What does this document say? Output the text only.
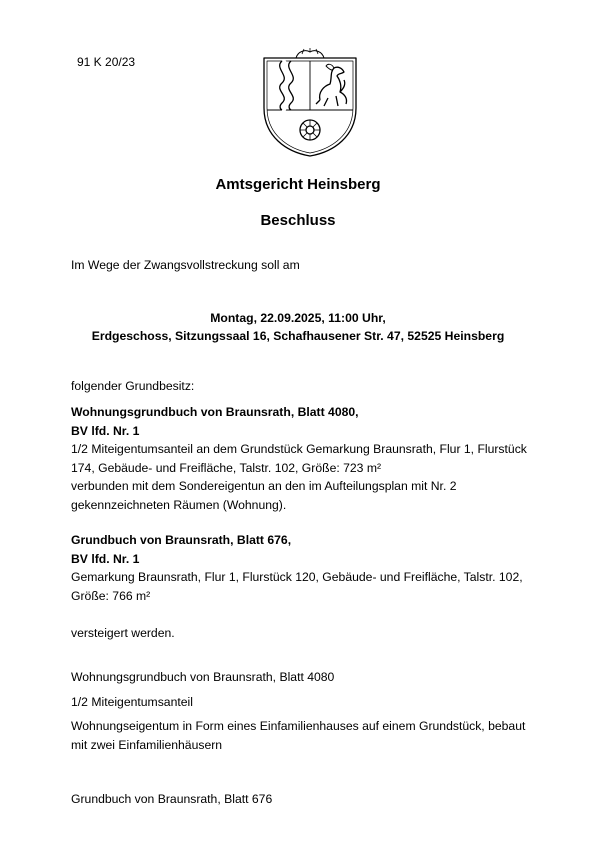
91 K 20/23
Amtsgericht Heinsberg
Beschluss
Im Wege der Zwangsvollstreckung soll am
Montag, 22.09.2025, 11:00 Uhr,
Erdgeschoss, Sitzungssaal 16, Schafhausener Str. 47, 52525 Heinsberg
folgender Grundbesitz:
Wohnungsgrundbuch von Braunsrath, Blatt 4080,
BV lfd. Nr. 1
1/2 Miteigentumsanteil an dem Grundstück Gemarkung Braunsrath, Flur 1, Flurstück
174, Gebäude- und Freifläche, Talstr. 102, Größe: 723 m²
verbunden mit dem Sondereigentun an den im Aufteilungsplan mit Nr. 2
gekennzeichneten Räumen (Wohnung).
Grundbuch von Braunsrath, Blatt 676,
BV lfd. Nr. 1
Gemarkung Braunsrath, Flur 1, Flurstück 120, Gebäude- und Freifläche, Talstr. 102,
Größe: 766 m²
versteigert werden.
Wohnungsgrundbuch von Braunsrath, Blatt 4080
1/2 Miteigentumsanteil
Wohnungseigentum in Form eines Einfamilienhauses auf einem Grundstück, bebaut
mit zwei Einfamilienhäusern
Grundbuch von Braunsrath, Blatt 676
